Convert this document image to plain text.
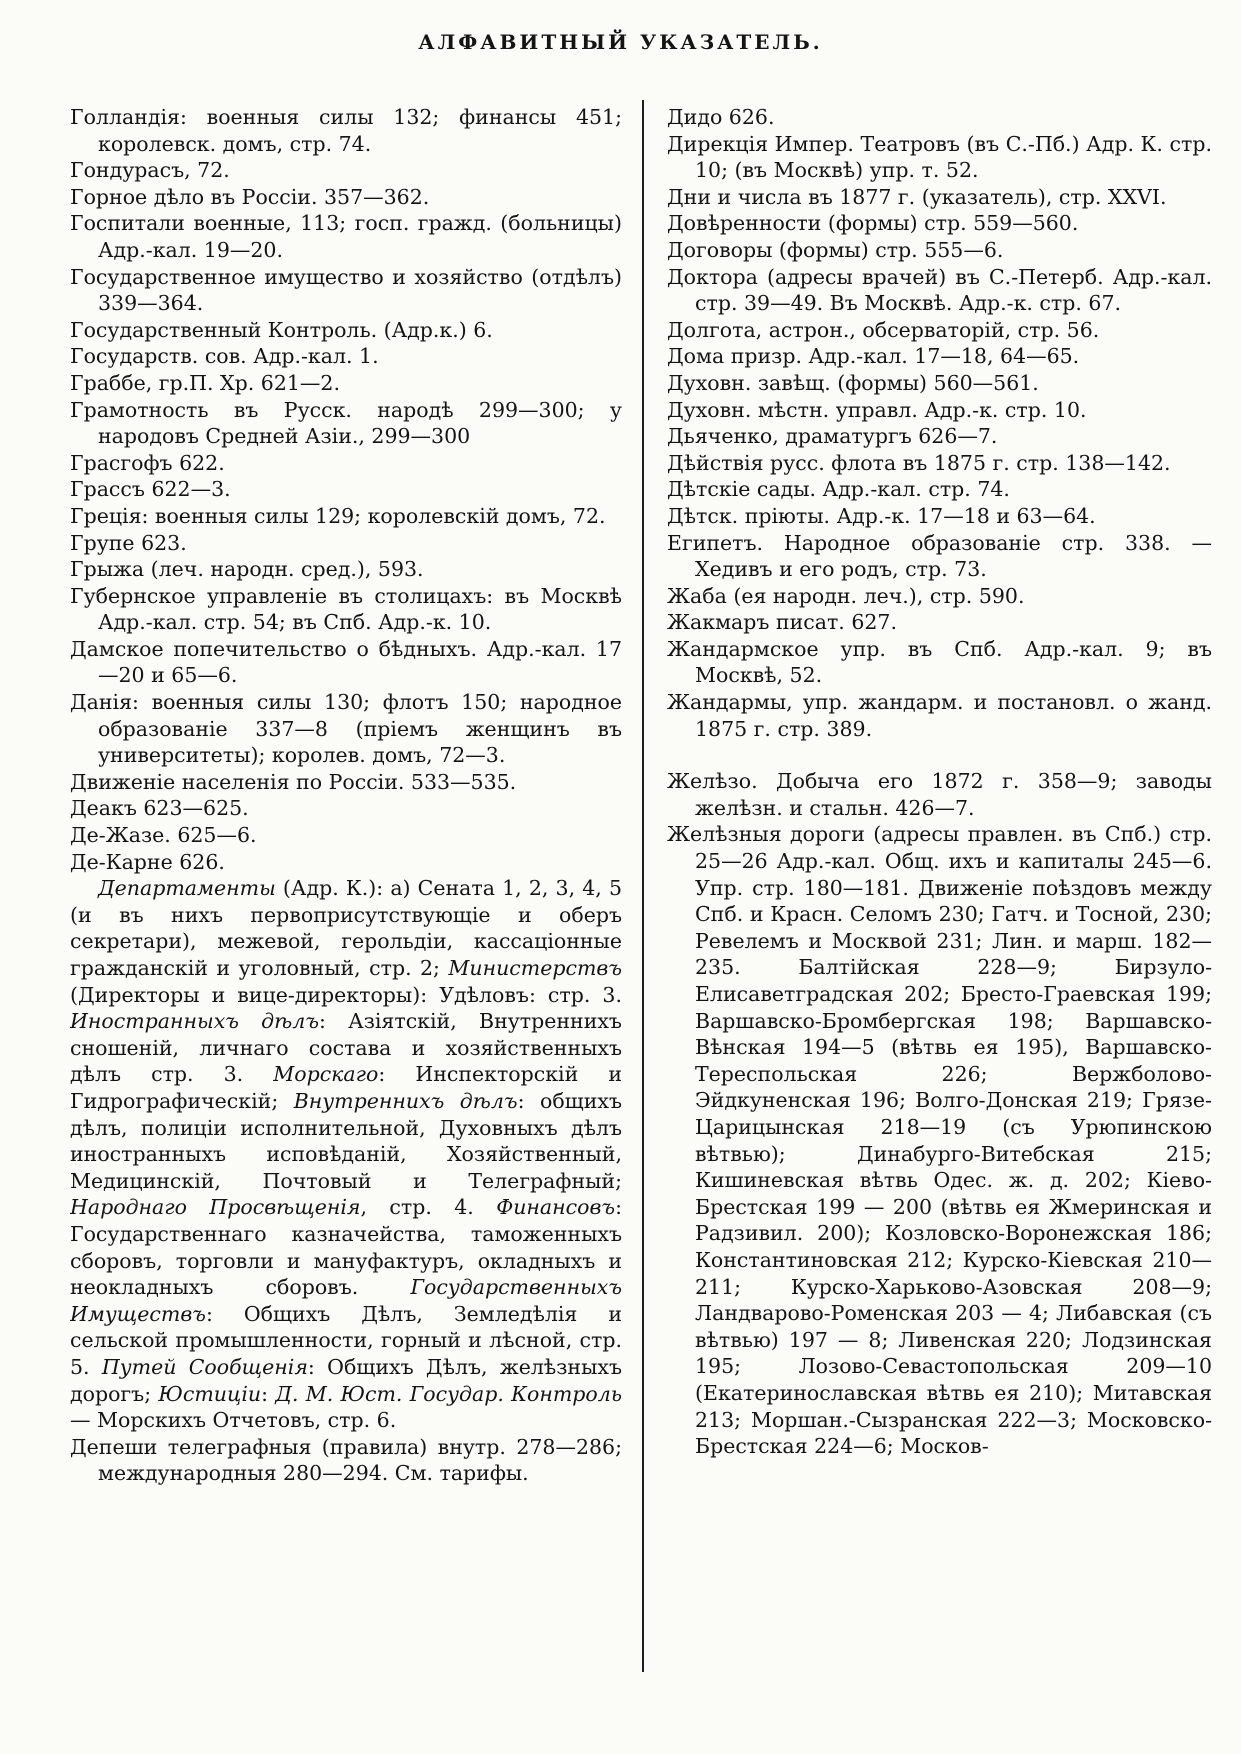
АЛФАВИТНЫЙ УКАЗАТЕЛЬ.

Голландія: военныя силы 132; финансы 451; королевск. домъ, стр. 74.

Гондурасъ, 72.

Горное дѣло въ Россіи. 357—362.

Госпитали военные, 113; госп. гражд. (больницы) Адр.-кал. 19—20.

Государственное имущество и хозяйство (отдѣлъ) 339—364.

Государственный Контроль. (Адр.к.) 6.

Государств. сов. Адр.-кал. 1.

Граббе, гр.П. Хр. 621—2.

Грамотность въ Русск. народѣ 299—300; у народовъ Средней Азіи., 299—300

Грасгофъ 622.

Грассъ 622—3.

Греція: военныя силы 129; королевскій домъ, 72.

Групе 623.

Грыжа (леч. народн. сред.), 593.

Губернское управленіе въ столицахъ: въ Москвѣ Адр.-кал. стр. 54; въ Спб. Адр.-к. 10.

Дамское попечительство о бѣдныхъ. Адр.-кал. 17—20 и 65—6.

Данія: военныя силы 130; флотъ 150; народное образованіе 337—8 (пріемъ женщинъ въ университеты); королев. домъ, 72—3.

Движеніе населенія по Россіи. 533—535.

Деакъ 623—625.

Де-Жазе. 625—6.

Де-Карне 626.

Департаменты (Адр. К.): а) Сената 1, 2, 3, 4, 5 (и въ нихъ первоприсутствующіе и оберъ секретари), межевой, герольдіи, кассаціонные гражданскій и уголовный, стр. 2; Министерствъ (Директоры и вице-директоры): Удѣловъ: стр. 3. Иностранныхъ дѣлъ: Азіятскій, Внутреннихъ сношеній, личнаго состава и хозяйственныхъ дѣлъ стр. 3. Морскаго: Инспекторскій и Гидрографическій; Внутреннихъ дѣлъ: общихъ дѣлъ, полиціи исполнительной, Духовныхъ дѣлъ иностранныхъ исповѣданій, Хозяйственный, Медицинскій, Почтовый и Телеграфный; Народнаго Просвѣщенія, стр. 4. Финансовъ: Государственнаго казначейства, таможенныхъ сборовъ, торговли и мануфактуръ, окладныхъ и неокладныхъ сборовъ. Государственныхъ Имуществъ: Общихъ Дѣлъ, Земледѣлія и сельской промышленности, горный и лѣсной, стр. 5. Путей Сообщенія: Общихъ Дѣлъ, желѣзныхъ дорогъ; Юстиціи: Д. М. Юст. Государ. Контроль — Морскихъ Отчетовъ, стр. 6.

Депеши телеграфныя (правила) внутр. 278—286; международныя 280—294. См. тарифы.

Дидо 626.

Дирекція Импер. Театровъ (въ С.-Пб.) Адр. К. стр. 10; (въ Москвѣ) упр. т. 52.

Дни и числа въ 1877 г. (указатель), стр. XXVI.

Довѣренности (формы) стр. 559—560.

Договоры (формы) стр. 555—6.

Доктора (адресы врачей) въ С.-Петерб. Адр.-кал. стр. 39—49. Въ Москвѣ. Адр.-к. стр. 67.

Долгота, астрон., обсерваторій, стр. 56.

Дома призр. Адр.-кал. 17—18, 64—65.

Духовн. завѣщ. (формы) 560—561.

Духовн. мѣстн. управл. Адр.-к. стр. 10.

Дьяченко, драматургъ 626—7.

Дѣйствія русс. флота въ 1875 г. стр. 138—142.

Дѣтскіе сады. Адр.-кал. стр. 74.

Дѣтск. пріюты. Адр.-к. 17—18 и 63—64.

Египетъ. Народное образованіе стр. 338. —Хедивъ и его родъ, стр. 73.

Жаба (ея народн. леч.), стр. 590.

Жакмаръ писат. 627.

Жандармское упр. въ Спб. Адр.-кал. 9; въ Москвѣ, 52.

Жандармы, упр. жандарм. и постановл. о жанд. 1875 г. стр. 389.

Желѣзо. Добыча его 1872 г. 358—9; заводы желѣзн. и стальн. 426—7.

Желѣзныя дороги (адресы правлен. въ Спб.) стр. 25—26 Адр.-кал. Общ. ихъ и капиталы 245—6. Упр. стр. 180—181. Движеніе поѣздовъ между Спб. и Красн. Селомъ 230; Гатч. и Тосной, 230; Ревелемъ и Москвой 231; Лин. и марш. 182—235. Балтійская 228—9; Бирзуло-Елисаветградская 202; Бресто-Граевская 199; Варшавско-Бромбергская 198; Варшавско-Вѣнская 194—5 (вѣтвь ея 195), Варшавско-Тереспольская 226; Вержболово-Эйдкуненская 196; Волго-Донская 219; Грязе-Царицынская 218—19 (съ Урюпинскою вѣтвью); Динабурго-Витебская 215; Кишиневская вѣтвь Одес. ж. д. 202; Кіево-Брестская 199 — 200 (вѣтвь ея Жмеринская и Радзивил. 200); Козловско-Воронежская 186; Константиновская 212; Курско-Кіевская 210—211; Курско-Харьково-Азовская 208—9; Ландварово-Роменская 203 — 4; Либавская (съ вѣтвью) 197 — 8; Ливенская 220; Лодзинская 195; Лозово-Севастопольская 209—10 (Екатеринославская вѣтвь ея 210); Митавская 213; Моршан.-Сызранская 222—3; Московско-Брестская 224—6; Москов-
